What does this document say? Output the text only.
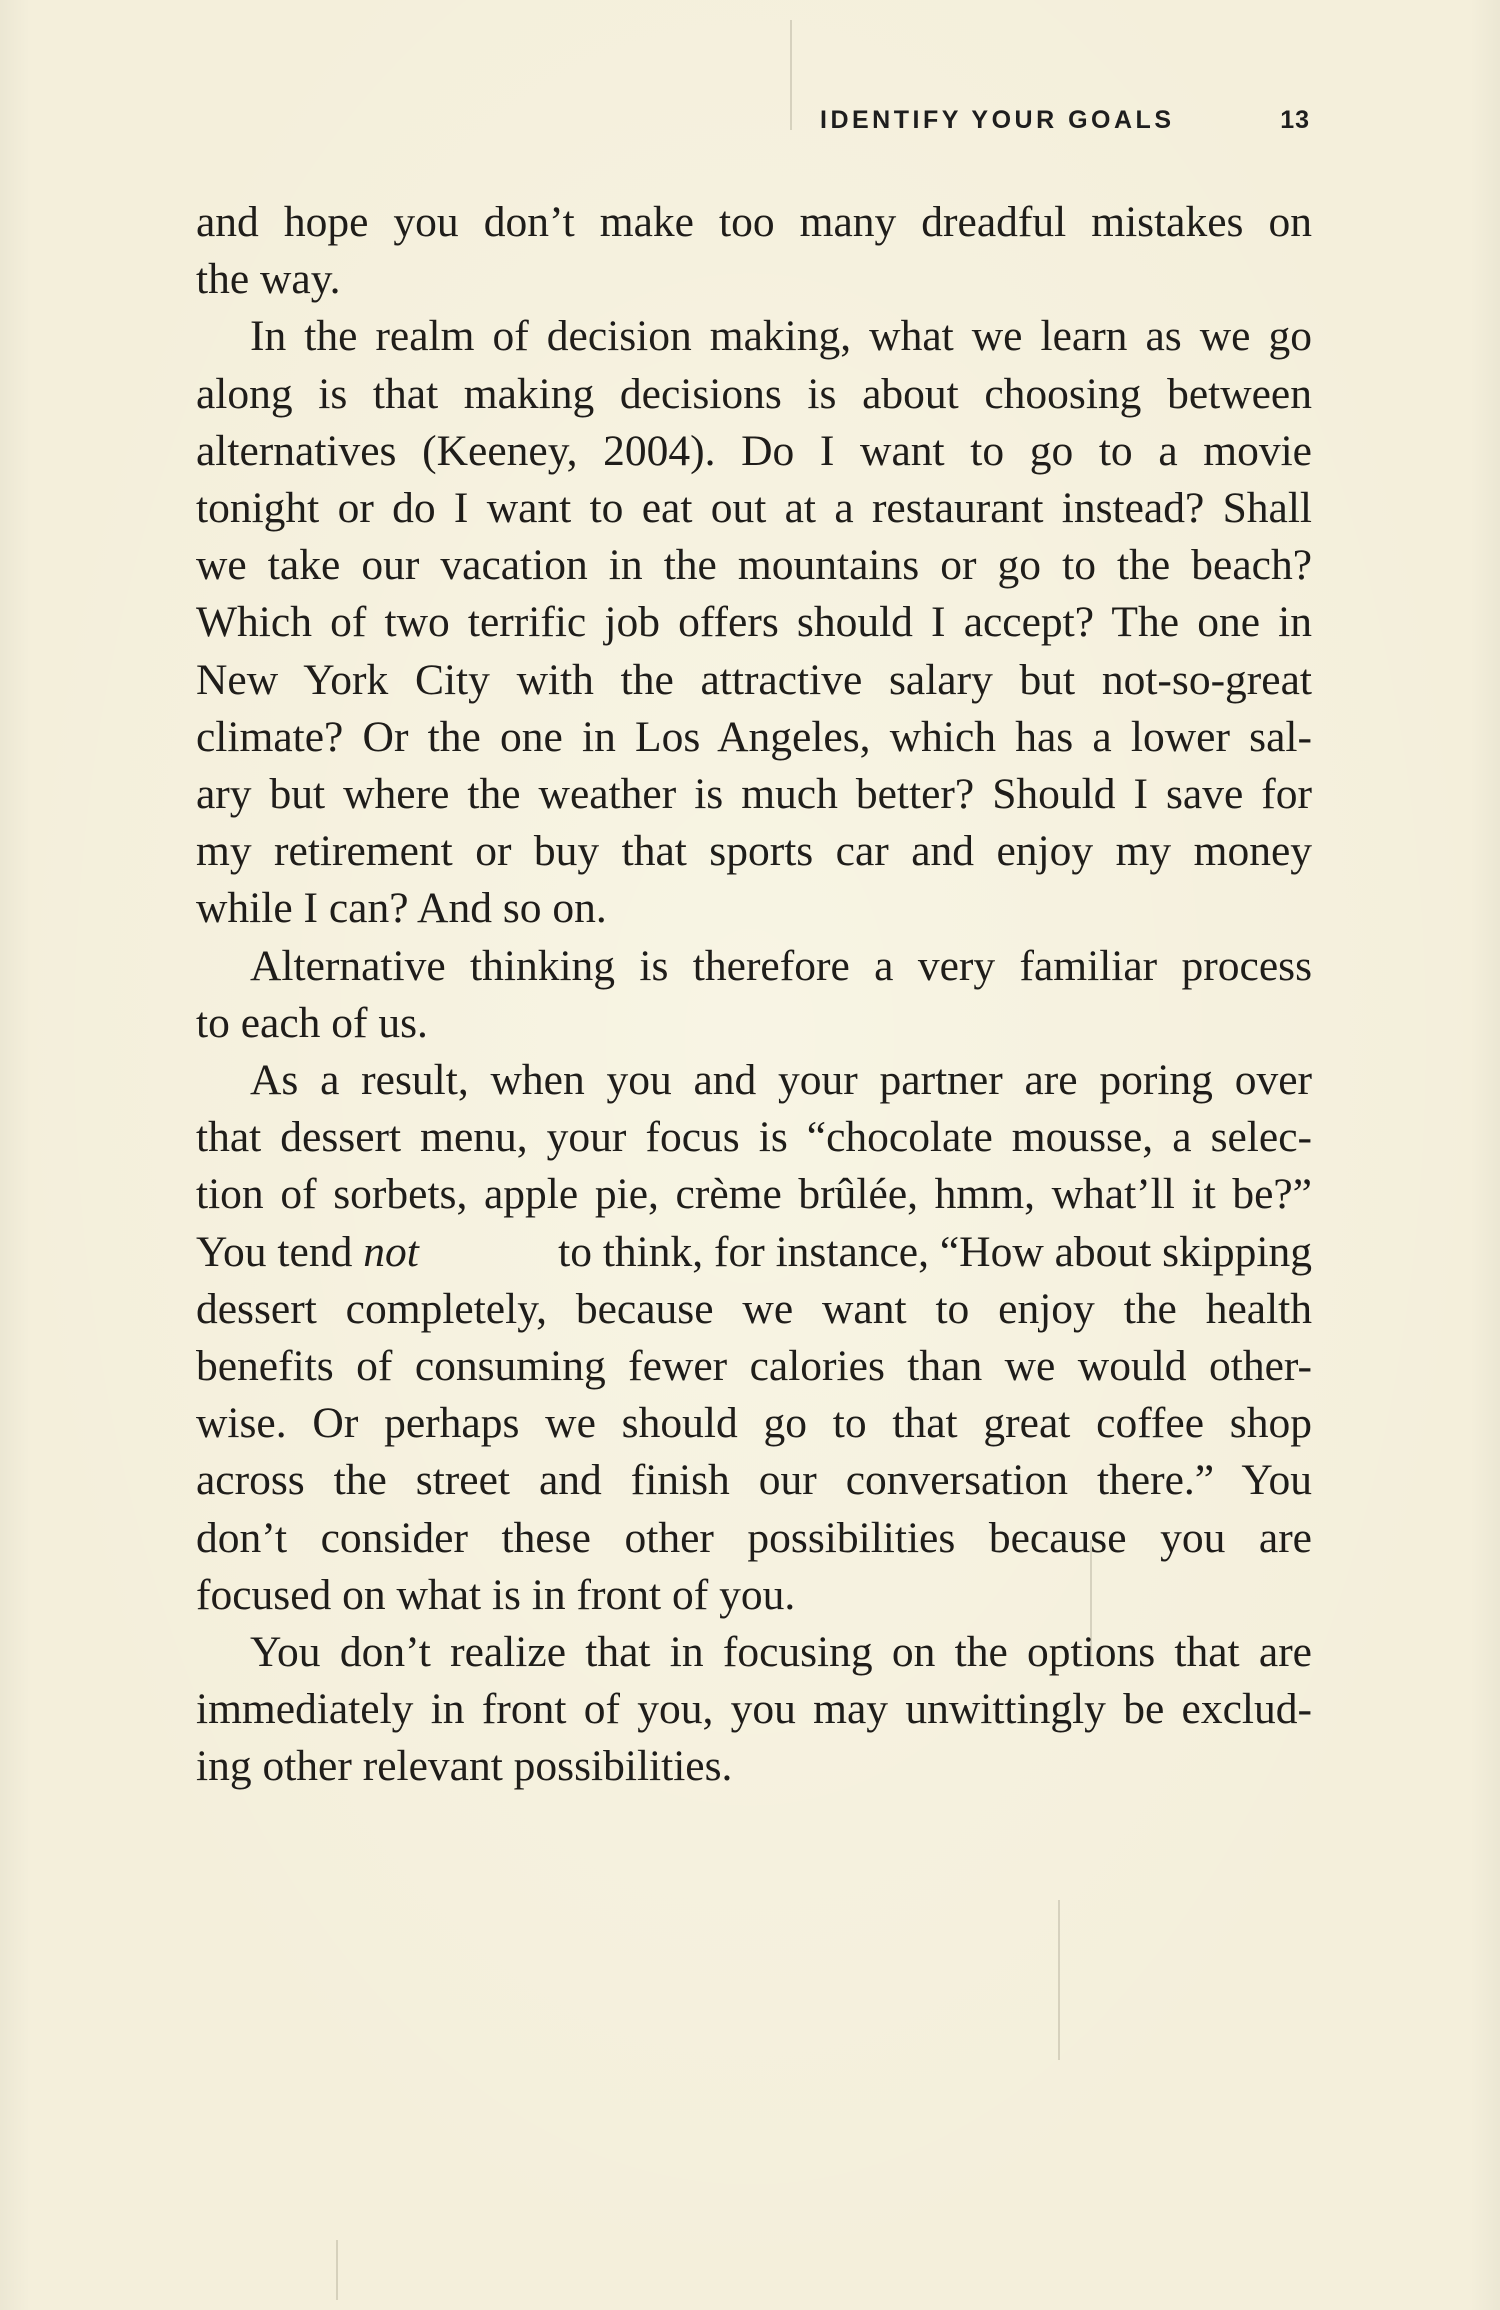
IDENTIFY YOUR GOALS	13

and hope you don’t make too many dreadful mistakes on
the way.

In the realm of decision making, what we learn as we go
along is that making decisions is about choosing between
alternatives (Keeney, 2004). Do I want to go to a movie
tonight or do I want to eat out at a restaurant instead? Shall
we take our vacation in the mountains or go to the beach?
Which of two terrific job offers should I accept? The one in
New York City with the attractive salary but not-so-great
climate? Or the one in Los Angeles, which has a lower sal-
ary but where the weather is much better? Should I save for
my retirement or buy that sports car and enjoy my money
while I can? And so on.

Alternative thinking is therefore a very familiar process
to each of us.

As a result, when you and your partner are poring over
that dessert menu, your focus is “chocolate mousse, a selec-
tion of sorbets, apple pie, crème brûlée, hmm, what’ll it be?”
You tend not	to think, for instance, “How about skipping
dessert completely, because we want to enjoy the health
benefits of consuming fewer calories than we would other-
wise. Or perhaps we should go to that great coffee shop
across the street and finish our conversation there.” You
don’t consider these other possibilities because you are
focused on what is in front of you.

You don’t realize that in focusing on the options that are
immediately in front of you, you may unwittingly be exclud-
ing other relevant possibilities.
